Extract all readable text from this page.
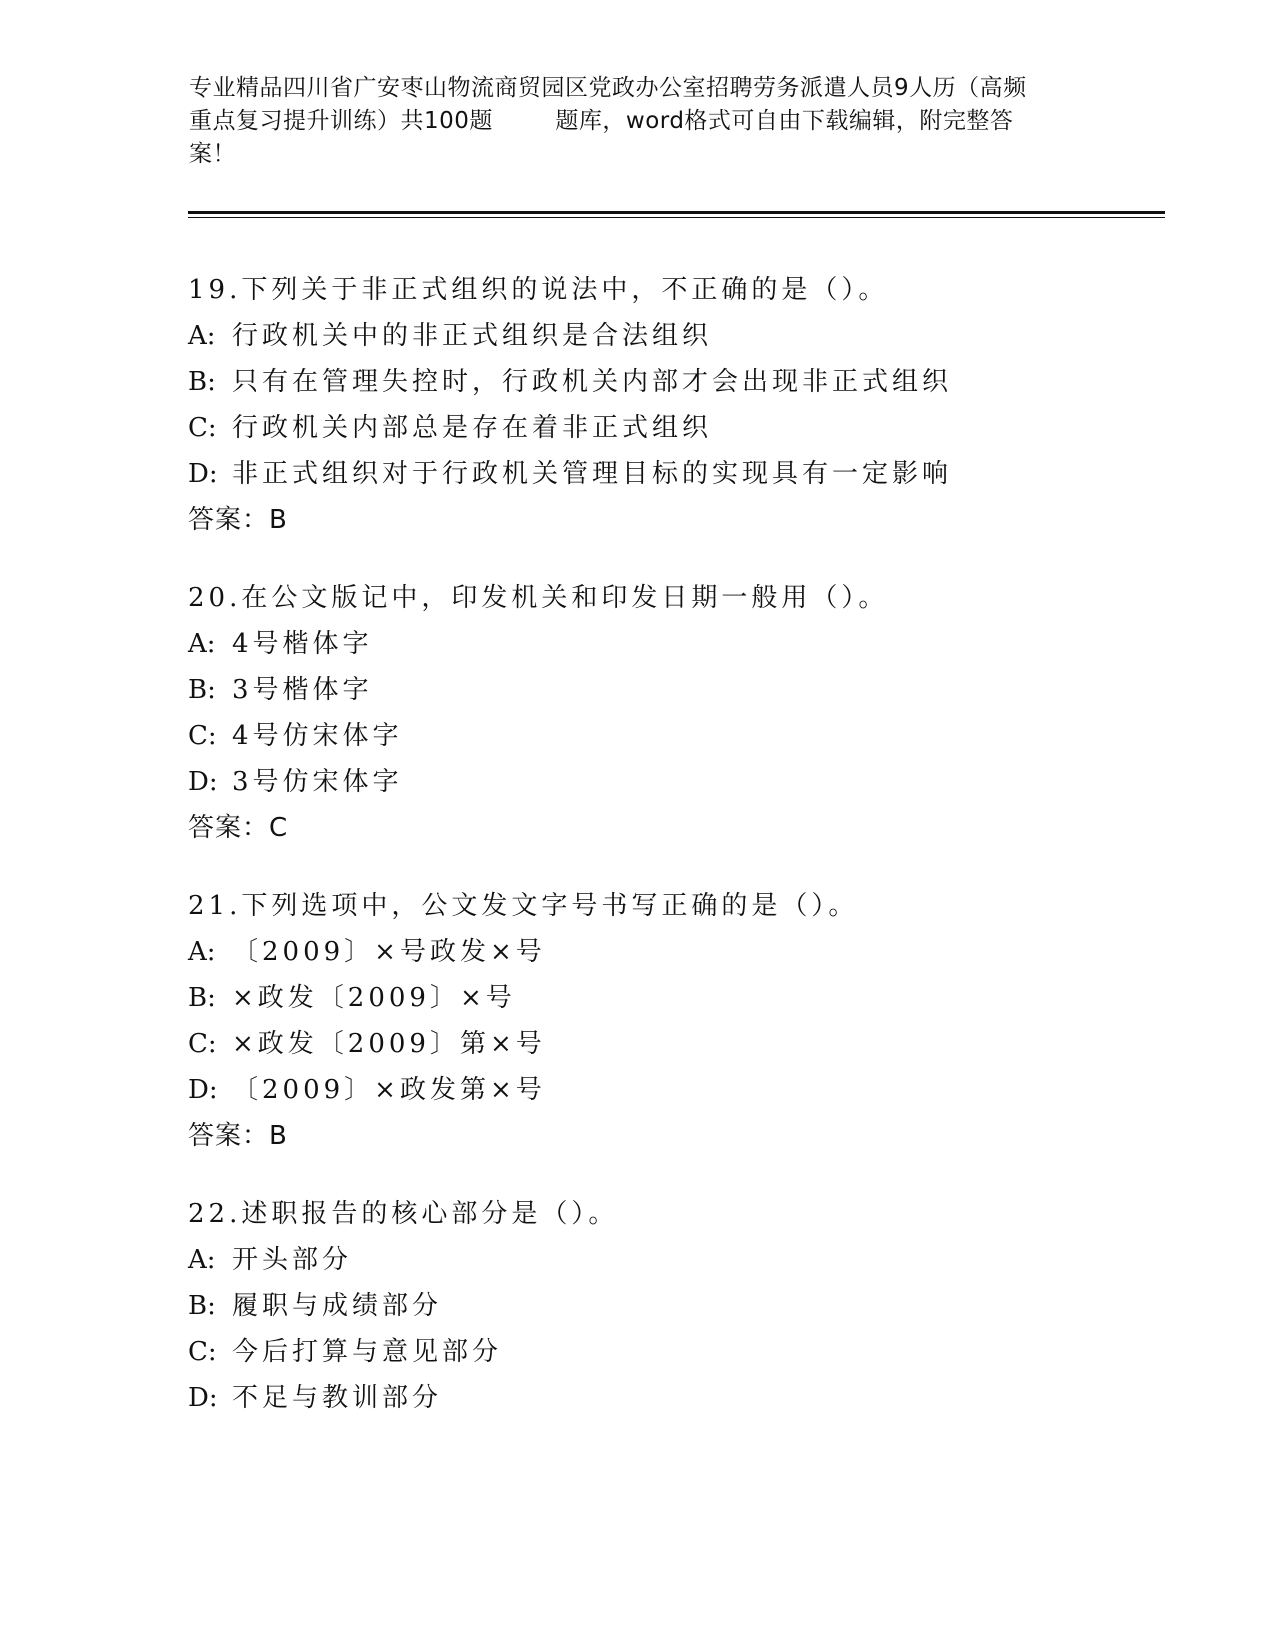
专业精品四川省广安枣山物流商贸园区党政办公室招聘劳务派遣人员9人历（高频
重点复习提升训练）共100题        题库，word格式可自由下载编辑，附完整答
案！
19.下列关于非正式组织的说法中，不正确的是（）。
A: 行政机关中的非正式组织是合法组织
B: 只有在管理失控时，行政机关内部才会出现非正式组织
C: 行政机关内部总是存在着非正式组织
D: 非正式组织对于行政机关管理目标的实现具有一定影响
答案：B
20.在公文版记中，印发机关和印发日期一般用（）。
A: 4号楷体字
B: 3号楷体字
C: 4号仿宋体字
D: 3号仿宋体字
答案：C
21.下列选项中，公文发文字号书写正确的是（）。
A: 〔2009〕×号政发×号
B: ×政发〔2009〕×号
C: ×政发〔2009〕第×号
D: 〔2009〕×政发第×号
答案：B
22.述职报告的核心部分是（）。
A: 开头部分
B: 履职与成绩部分
C: 今后打算与意见部分
D: 不足与教训部分
